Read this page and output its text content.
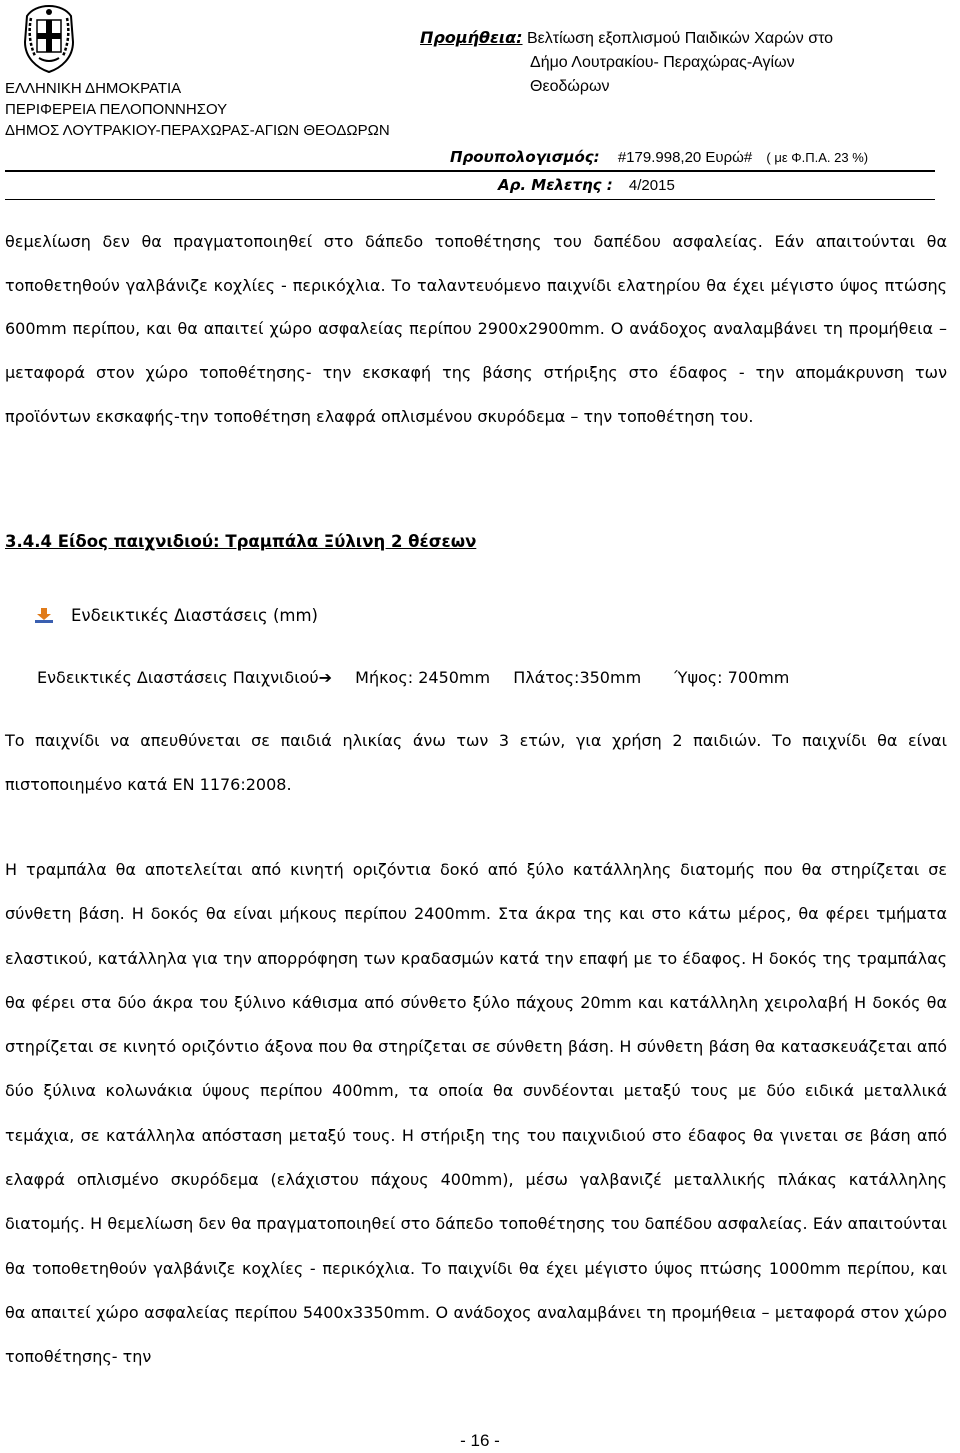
ΕΛΛΗΝΙΚΗ ΔΗΜΟΚΡΑΤΙΑ
ΠΕΡΙΦΕΡΕΙΑ ΠΕΛΟΠΟΝΝΗΣΟΥ
ΔΗΜΟΣ ΛΟΥΤΡΑΚΙΟΥ-ΠΕΡΑΧΩΡΑΣ-ΑΓΙΩΝ ΘΕΟΔΩΡΩΝ
Προμήθεια: Βελτίωση εξοπλισμού Παιδικών Χαρών στο
Δήμο Λουτρακίου- Περαχώρας-Αγίων
Θεοδώρων
Προυπολογισμός: #179.998,20 Ευρώ# ( με Φ.Π.Α. 23 %)
Αρ. Μελετης : 4/2015
θεμελίωση δεν θα πραγματοποιηθεί στο δάπεδο τοποθέτησης του δαπέδου ασφαλείας. Εάν απαιτούνται θα τοποθετηθούν γαλβάνιζε κοχλίες - περικόχλια. Το ταλαντευόμενο παιχνίδι ελατηρίου θα έχει μέγιστο ύψος πτώσης 600mm περίπου, και θα απαιτεί χώρο ασφαλείας περίπου 2900x2900mm. Ο ανάδοχος αναλαμβάνει τη προμήθεια – μεταφορά στον χώρο τοποθέτησης- την εκσκαφή της βάσης στήριξης στο έδαφος - την απομάκρυνση των προϊόντων εκσκαφής-την τοποθέτηση ελαφρά οπλισμένου σκυρόδεμα – την τοποθέτηση του.
3.4.4 Είδος παιχνιδιού: Τραμπάλα Ξύλινη 2 θέσεων
Ενδεικτικές Διαστάσεις (mm)
Ενδεικτικές Διαστάσεις Παιχνιδιού➔ Μήκος: 2450mm Πλάτος:350mm Ύψος: 700mm
Το παιχνίδι να απευθύνεται σε παιδιά ηλικίας άνω των 3 ετών, για χρήση 2 παιδιών. Το παιχνίδι θα είναι πιστοποιημένο κατά EN 1176:2008.
Η τραμπάλα θα αποτελείται από κινητή οριζόντια δοκό από ξύλο κατάλληλης διατομής που θα στηρίζεται σε σύνθετη βάση. Η δοκός θα είναι μήκους περίπου 2400mm. Στα άκρα της και στο κάτω μέρος, θα φέρει τμήματα ελαστικού, κατάλληλα για την απορρόφηση των κραδασμών κατά την επαφή με το έδαφος. Η δοκός της τραμπάλας θα φέρει στα δύο άκρα του ξύλινο κάθισμα από σύνθετο ξύλο πάχους 20mm και κατάλληλη χειρολαβή Η δοκός θα στηρίζεται σε κινητό οριζόντιο άξονα που θα στηρίζεται σε σύνθετη βάση. Η σύνθετη βάση θα κατασκευάζεται από δύο ξύλινα κολωνάκια ύψους περίπου 400mm, τα οποία θα συνδέονται μεταξύ τους με δύο ειδικά μεταλλικά τεμάχια, σε κατάλληλα απόσταση μεταξύ τους. Η στήριξη της του παιχνιδιού στο έδαφος θα γινεται σε βάση από ελαφρά οπλισμένο σκυρόδεμα (ελάχιστου πάχους 400mm), μέσω γαλβανιζέ μεταλλικής πλάκας κατάλληλης διατομής. Η θεμελίωση δεν θα πραγματοποιηθεί στο δάπεδο τοποθέτησης του δαπέδου ασφαλείας. Εάν απαιτούνται θα τοποθετηθούν γαλβάνιζε κοχλίες - περικόχλια. Το παιχνίδι θα έχει μέγιστο ύψος πτώσης 1000mm περίπου, και θα απαιτεί χώρο ασφαλείας περίπου 5400x3350mm. Ο ανάδοχος αναλαμβάνει τη προμήθεια – μεταφορά στον χώρο τοποθέτησης- την
- 16 -
